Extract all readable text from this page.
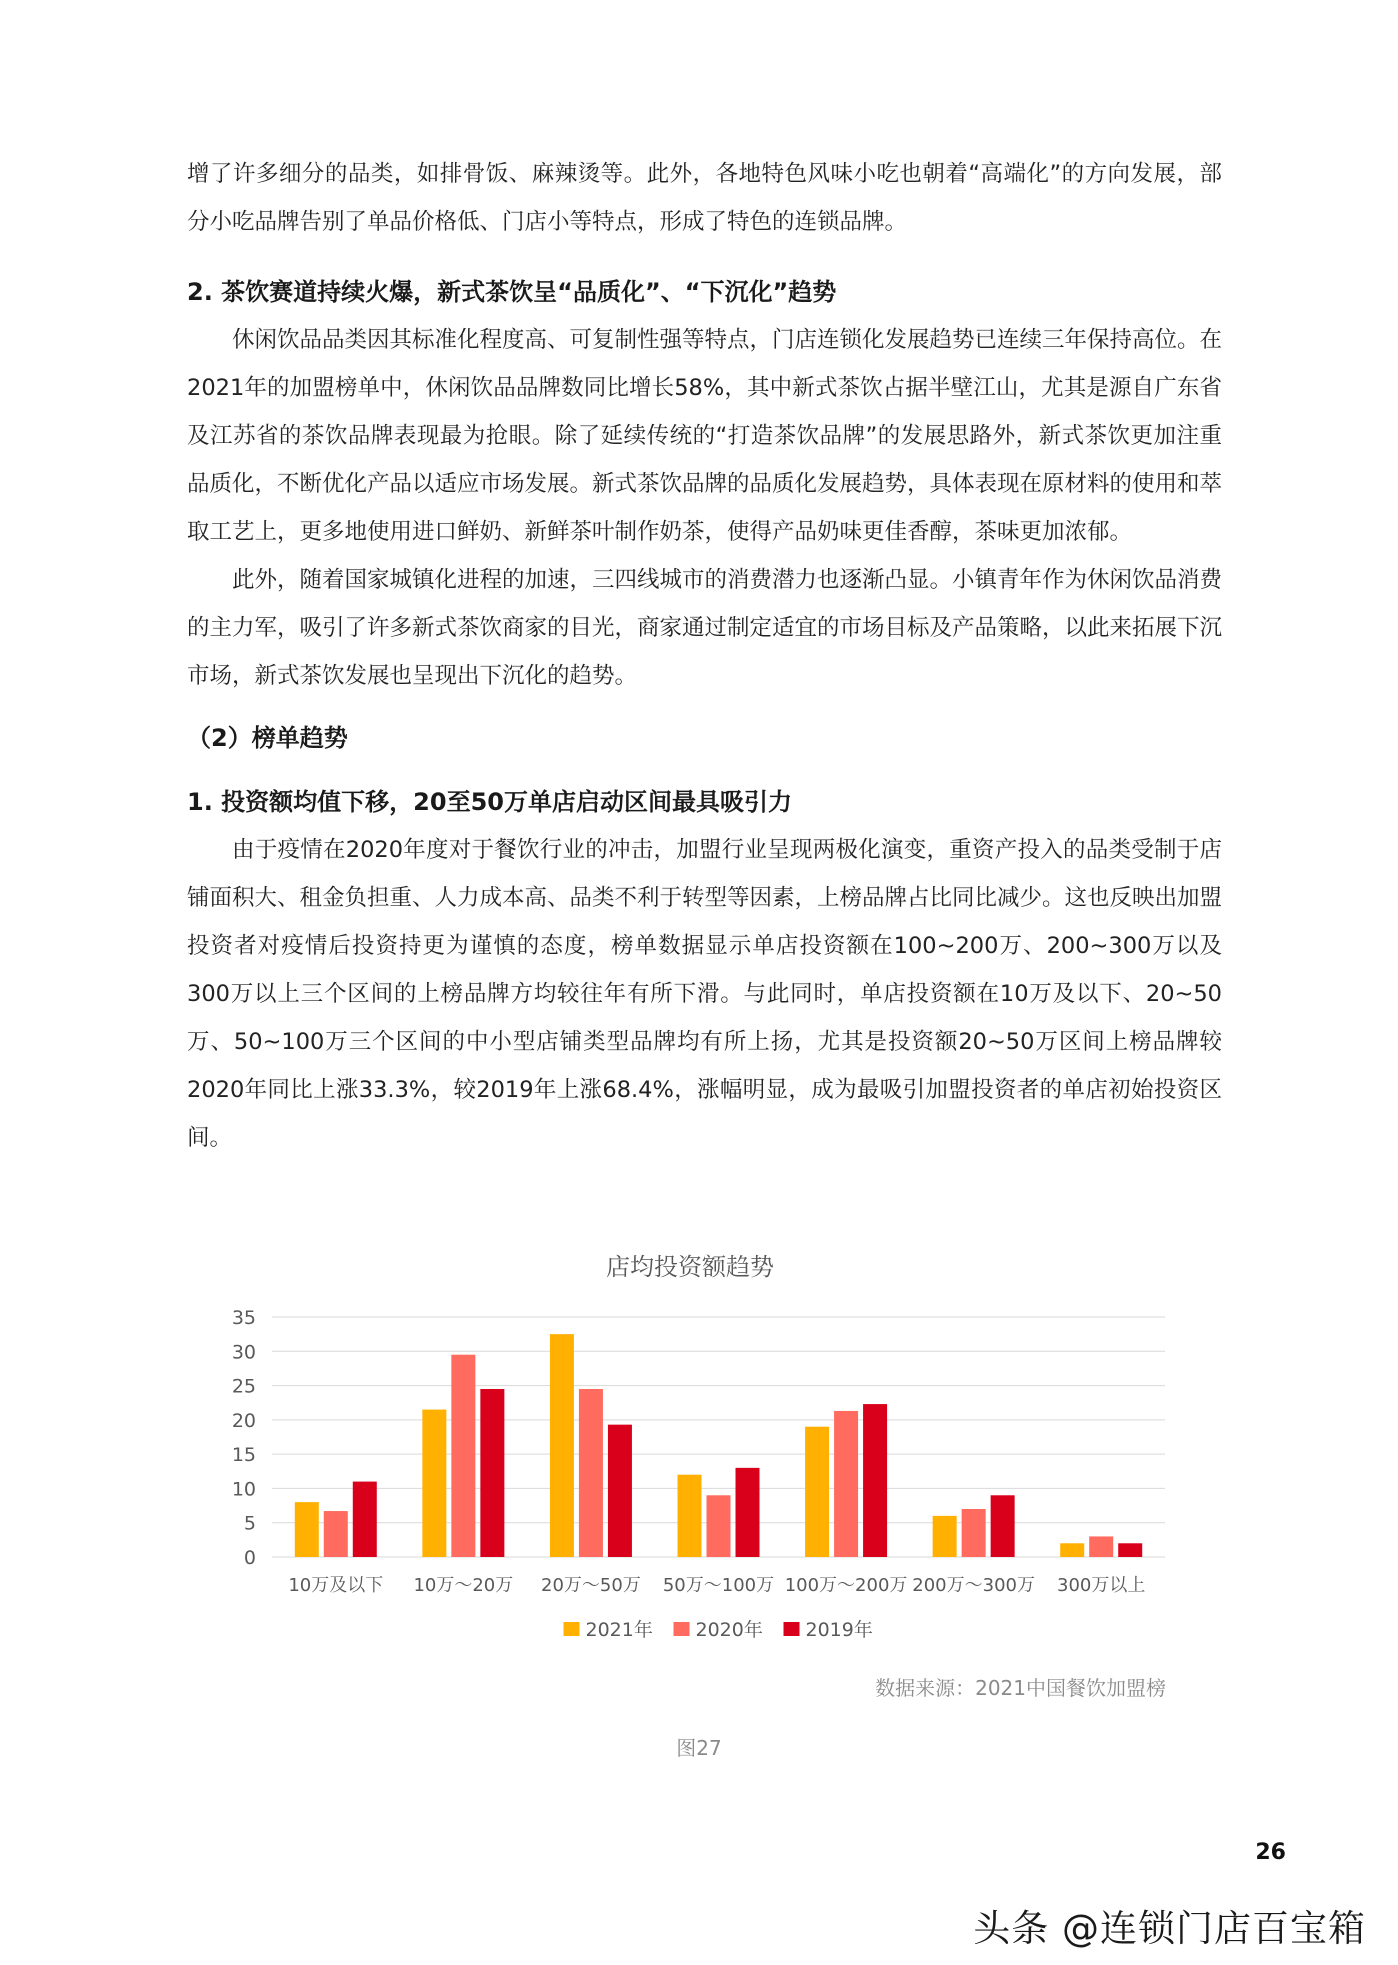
增了许多细分的品类，如排骨饭、麻辣烫等。此外，各地特色风味小吃也朝着“高端化”的方向发展，部分小吃品牌告别了单品价格低、门店小等特点，形成了特色的连锁品牌。

2. 茶饮赛道持续火爆，新式茶饮呈“品质化”、“下沉化”趋势

休闲饮品品类因其标准化程度高、可复制性强等特点，门店连锁化发展趋势已连续三年保持高位。在2021年的加盟榜单中，休闲饮品品牌数同比增长58%，其中新式茶饮占据半壁江山，尤其是源自广东省及江苏省的茶饮品牌表现最为抢眼。除了延续传统的“打造茶饮品牌”的发展思路外，新式茶饮更加注重品质化，不断优化产品以适应市场发展。新式茶饮品牌的品质化发展趋势，具体表现在原材料的使用和萃取工艺上，更多地使用进口鲜奶、新鲜茶叶制作奶茶，使得产品奶味更佳香醇，茶味更加浓郁。

此外，随着国家城镇化进程的加速，三四线城市的消费潜力也逐渐凸显。小镇青年作为休闲饮品消费的主力军，吸引了许多新式茶饮商家的目光，商家通过制定适宜的市场目标及产品策略，以此来拓展下沉市场，新式茶饮发展也呈现出下沉化的趋势。

（2）榜单趋势

1. 投资额均值下移，20至50万单店启动区间最具吸引力

由于疫情在2020年度对于餐饮行业的冲击，加盟行业呈现两极化演变，重资产投入的品类受制于店铺面积大、租金负担重、人力成本高、品类不利于转型等因素，上榜品牌占比同比减少。这也反映出加盟投资者对疫情后投资持更为谨慎的态度，榜单数据显示单店投资额在100~200万、200~300万以及300万以上三个区间的上榜品牌方均较往年有所下滑。与此同时，单店投资额在10万及以下、20~50万、50~100万三个区间的中小型店铺类型品牌均有所上扬，尤其是投资额20~50万区间上榜品牌较2020年同比上涨33.3%，较2019年上涨68.4%，涨幅明显，成为最吸引加盟投资者的单店初始投资区间。

店均投资额趋势
0
5
10
15
20
25
30
35
10万及以下 10万～20万 20万～50万 50万～100万 100万～200万 200万～300万 300万以上
2021年 2020年 2019年
数据来源：2021中国餐饮加盟榜
图27
26
头条 @连锁门店百宝箱
